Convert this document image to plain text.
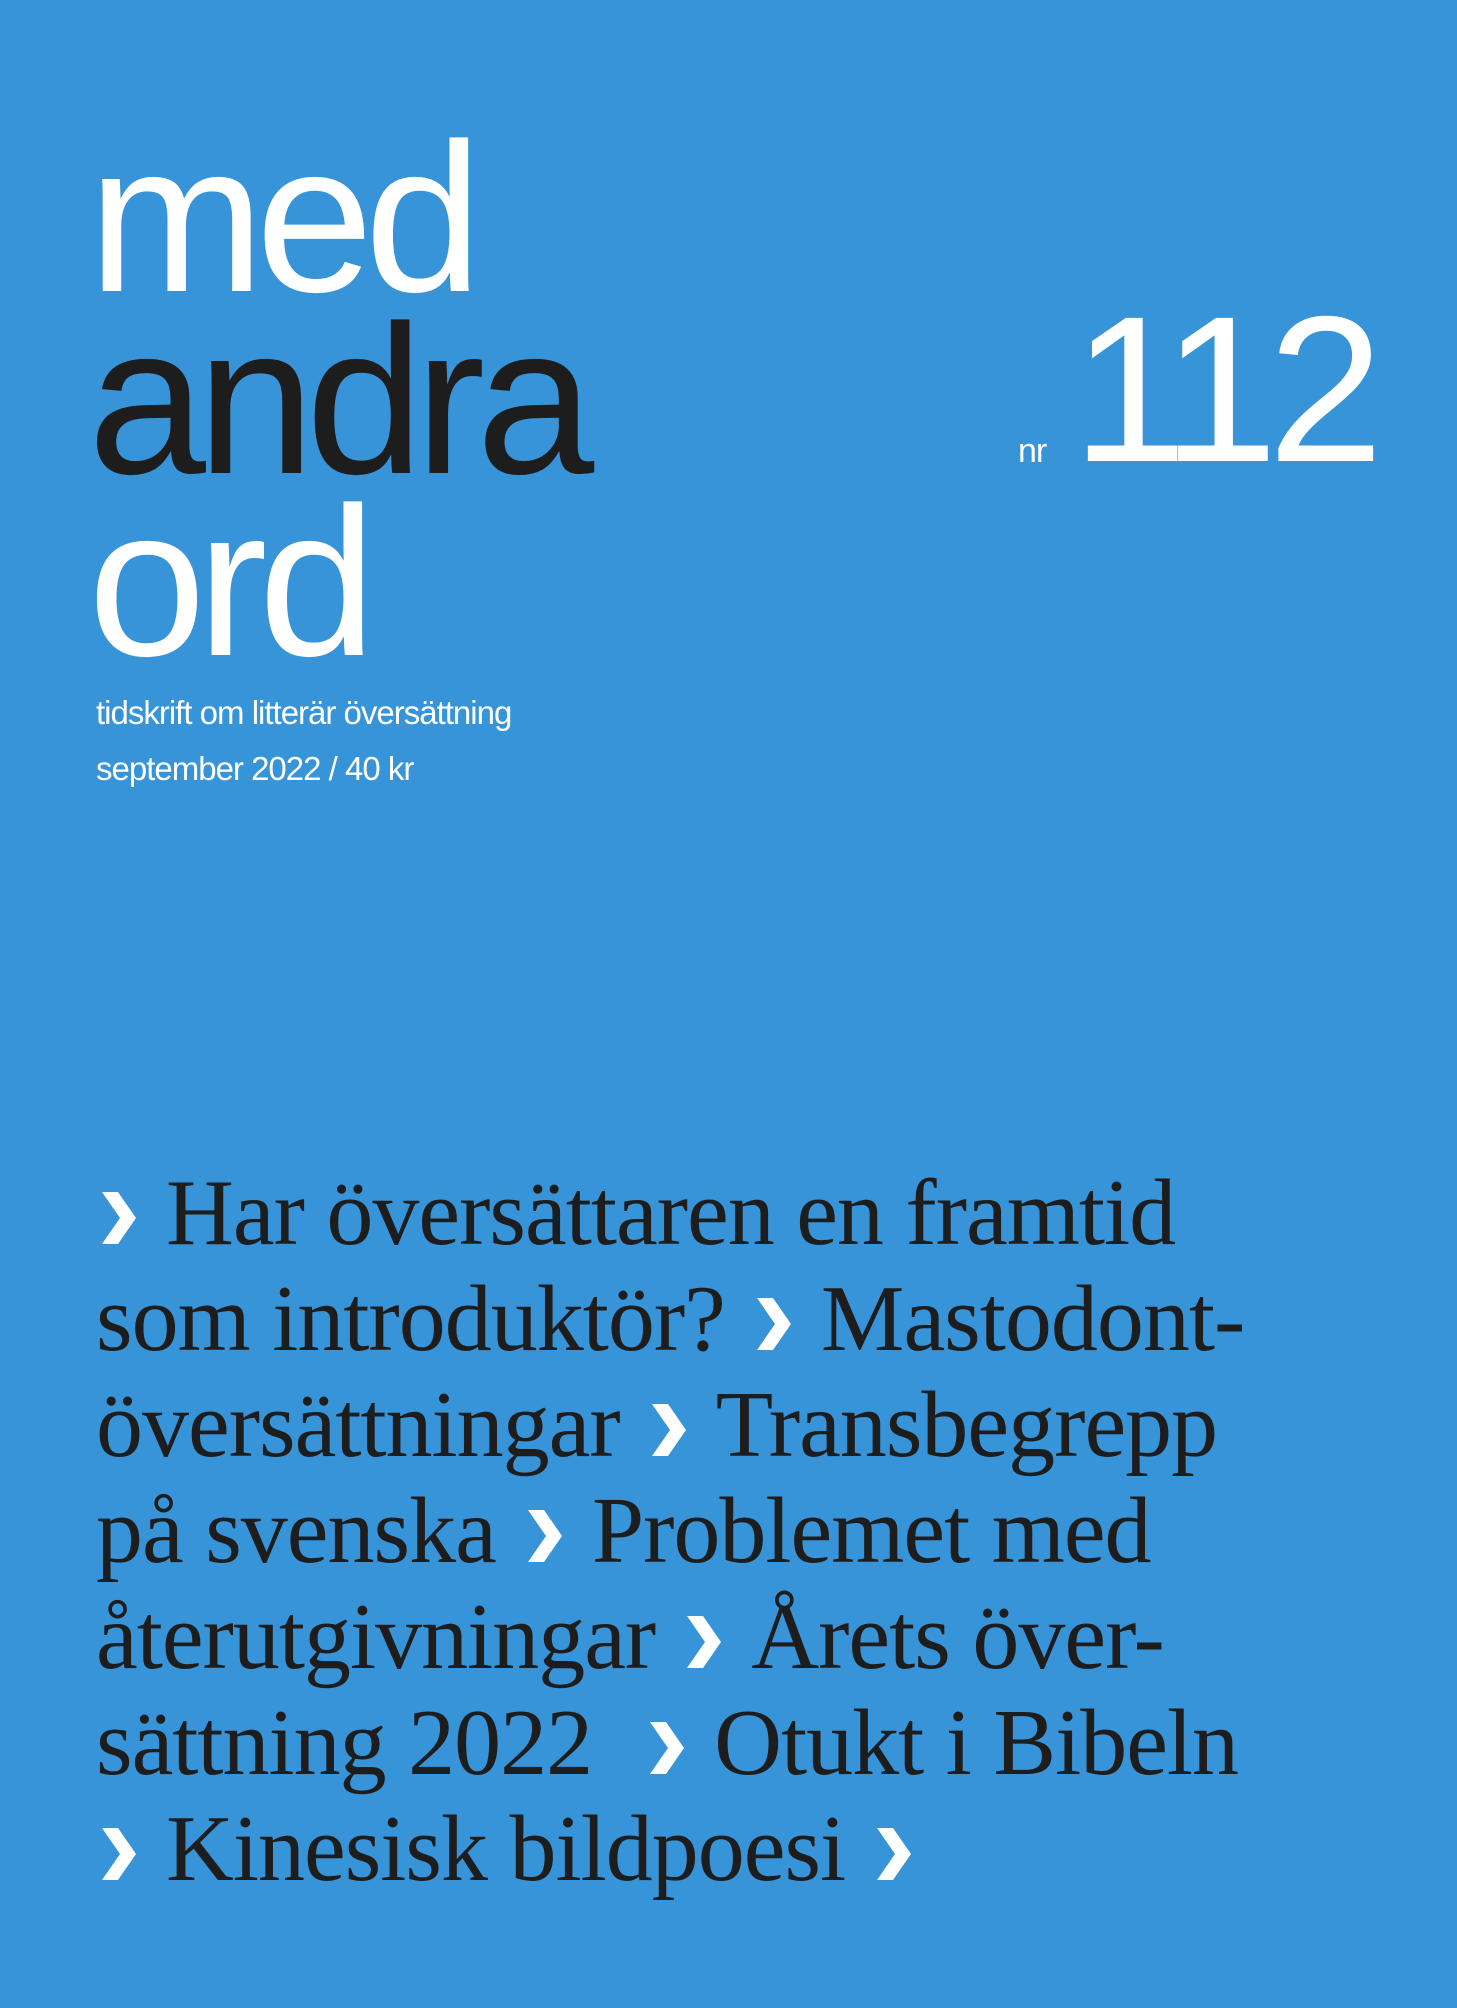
med
andra
ord
nr 112
tidskrift om litterär översättning
september 2022 / 40 kr
Har översättaren en framtid
som introduktör? Mastodont-
översättningar Transbegrepp
på svenska Problemet med
återutgivningar Årets över-
sättning 2022 Otukt i Bibeln
Kinesisk bildpoesi
